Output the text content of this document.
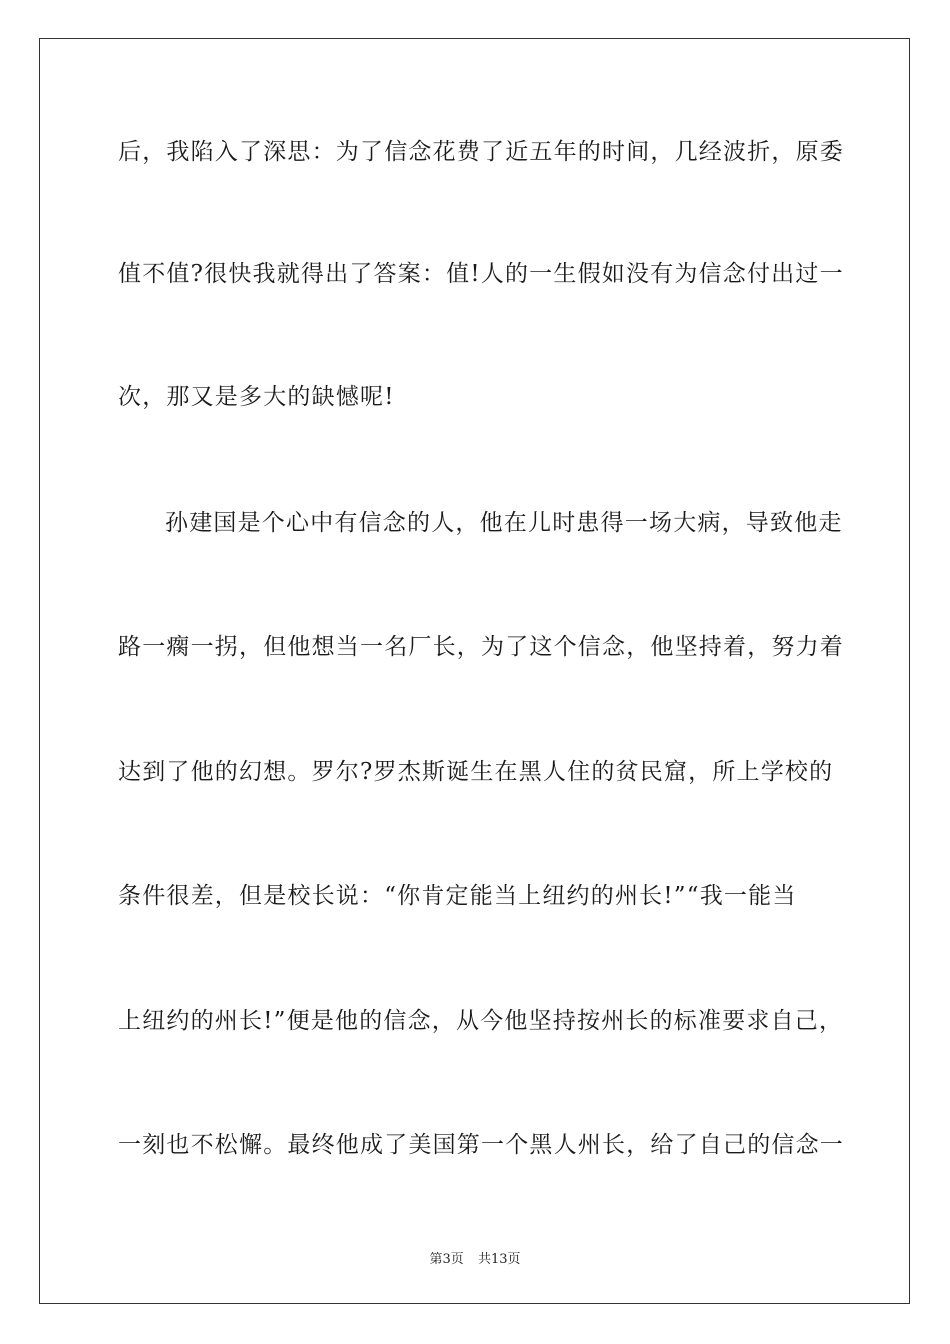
后，我陷入了深思：为了信念花费了近五年的时间，几经波折，原委
值不值?很快我就得出了答案：值!人的一生假如没有为信念付出过一
次，那又是多大的缺憾呢!
孙建国是个心中有信念的人，他在儿时患得一场大病，导致他走
路一瘸一拐，但他想当一名厂长，为了这个信念，他坚持着，努力着
达到了他的幻想。罗尔?罗杰斯诞生在黑人住的贫民窟，所上学校的
条件很差，但是校长说：“你肯定能当上纽约的州长!”“我一能当
上纽约的州长!”便是他的信念，从今他坚持按州长的标准要求自己，
一刻也不松懈。最终他成了美国第一个黑人州长，给了自己的信念一
第3页 共13页
